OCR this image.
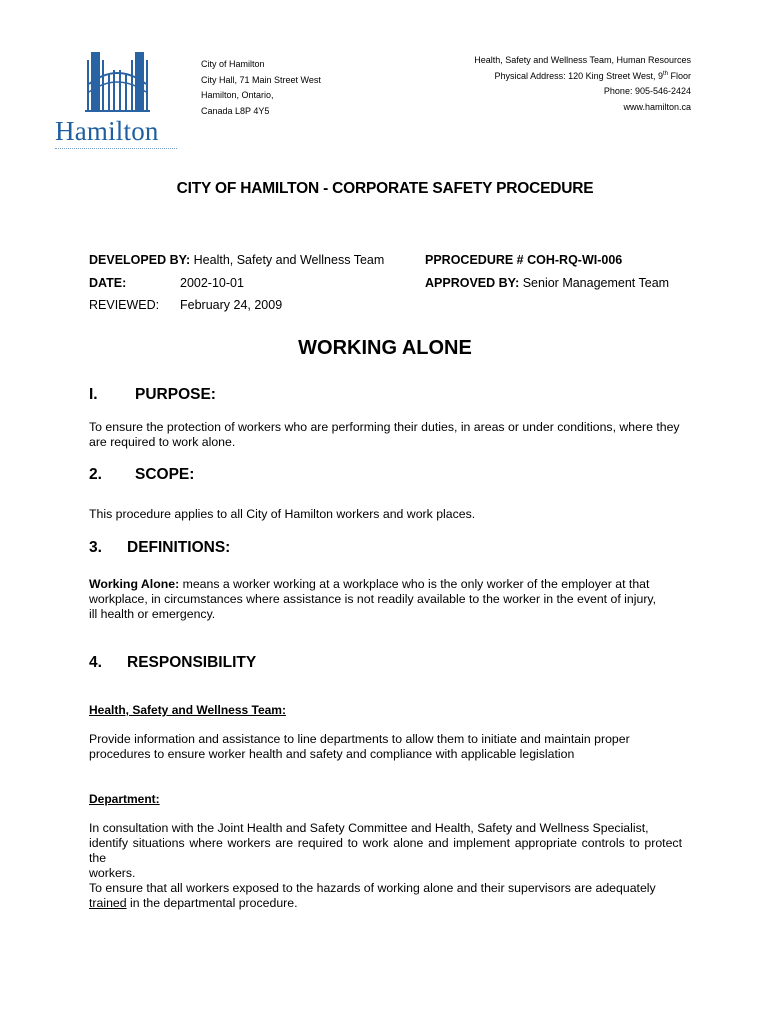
Hamilton
City of Hamilton
City Hall, 71 Main Street West
Hamilton, Ontario,
Canada L8P 4Y5
Health, Safety and Wellness Team, Human Resources
Physical Address: 120 King Street West, 9th Floor
Phone: 905-546-2424
www.hamilton.ca
CITY OF HAMILTON - CORPORATE SAFETY PROCEDURE
DEVELOPED BY: Health, Safety and Wellness Team	PPROCEDURE # COH-RQ-WI-006
DATE:	2002-10-01	APPROVED BY: Senior Management Team
REVIEWED: February 24, 2009
WORKING ALONE
I. PURPOSE:
To ensure the protection of workers who are performing their duties, in areas or under conditions, where they
are required to work alone.
2. SCOPE:
This procedure applies to all City of Hamilton workers and work places.
3. DEFINITIONS:
Working Alone: means a worker working at a workplace who is the only worker of the employer at that
workplace, in circumstances where assistance is not readily available to the worker in the event of injury,
ill health or emergency.
4. RESPONSIBILITY
Health, Safety and Wellness Team:
Provide information and assistance to line departments to allow them to initiate and maintain proper
procedures to ensure worker health and safety and compliance with applicable legislation
Department:
In consultation with the Joint Health and Safety Committee and Health, Safety and Wellness Specialist,
identify situations where workers are required to work alone and implement appropriate controls to protect the
workers.
To ensure that all workers exposed to the hazards of working alone and their supervisors are adequately
trained in the departmental procedure.
